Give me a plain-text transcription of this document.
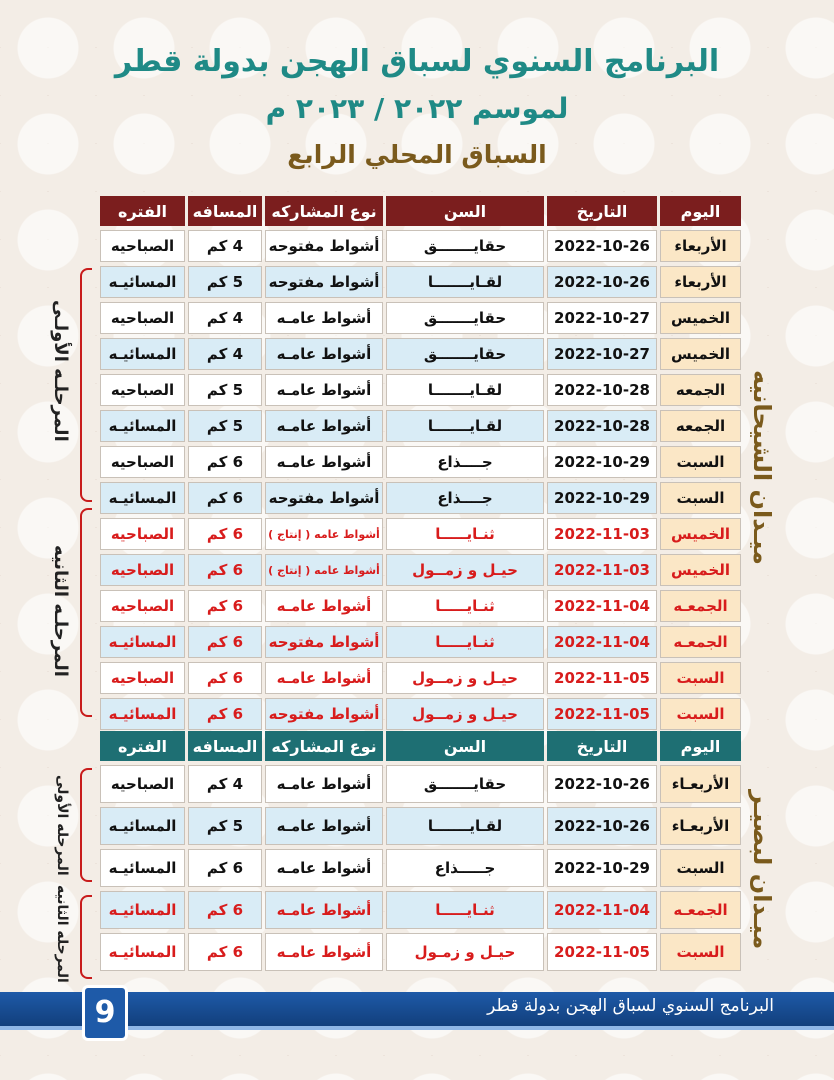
البرنامج السنوي لسباق الهجن بدولة قطر
لموسم ٢٠٢٢ / ٢٠٢٣ م
السباق المحلي الرابع
اليوم	التاريخ	السن	نوع المشاركه	المسافه	الفتره
الأربعاء	2022-10-26	حقايـــــــق	أشواط مفتوحه	4 كم	الصباحيه
الأربعاء	2022-10-26	لقـايـــــــا	أشواط مفتوحه	5 كم	المسائيـه
الخميس	2022-10-27	حقايـــــــق	أشواط عامـه	4 كم	الصباحيه
الخميس	2022-10-27	حقايـــــــق	أشواط عامـه	4 كم	المسائيـه
الجمعه	2022-10-28	لقـايـــــــا	أشواط عامـه	5 كم	الصباحيه
الجمعه	2022-10-28	لقـايـــــــا	أشواط عامـه	5 كم	المسائيـه
السبت	2022-10-29	جــــذاع	أشواط عامـه	6 كم	الصباحيه
السبت	2022-10-29	جــــذاع	أشواط مفتوحه	6 كم	المسائيـه
الخميس	2022-11-03	ثنـايـــــا	أشواط عامه ( إنتاج )	6 كم	الصباحيه
الخميس	2022-11-03	حيـل و زمــول	أشواط عامه ( إنتاج )	6 كم	الصباحيه
الجمعـه	2022-11-04	ثنـايـــــا	أشواط عامـه	6 كم	الصباحيه
الجمعـه	2022-11-04	ثنـايـــــا	أشواط مفتوحه	6 كم	المسائيـه
السبت	2022-11-05	حيـل و زمــول	أشواط عامـه	6 كم	الصباحيه
السبت	2022-11-05	حيـل و زمــول	أشواط مفتوحه	6 كم	المسائيـه
المرحلـه الأولـى
المرحلـه الثانيه
ميـدان الشيحانيه
اليوم	التاريخ	السن	نوع المشاركه	المسافه	الفتره
الأربعـاء	2022-10-26	حقايـــــــق	أشواط عامـه	4 كم	الصباحيه
الأربعـاء	2022-10-26	لقـايـــــــا	أشواط عامـه	5 كم	المسائيـه
السبت	2022-10-29	جـــــذاع	أشواط عامـه	6 كم	المسائيـه
الجمعـه	2022-11-04	ثنـايـــــا	أشواط عامـه	6 كم	المسائيـه
السبت	2022-11-05	حيـل و زمـول	أشواط عامـه	6 كم	المسائيـه
المرحله الأولى
المرحله الثانيه	ميـدان لبصيـر
البرنامج السنوي لسباق الهجن بدولة قطر
9
